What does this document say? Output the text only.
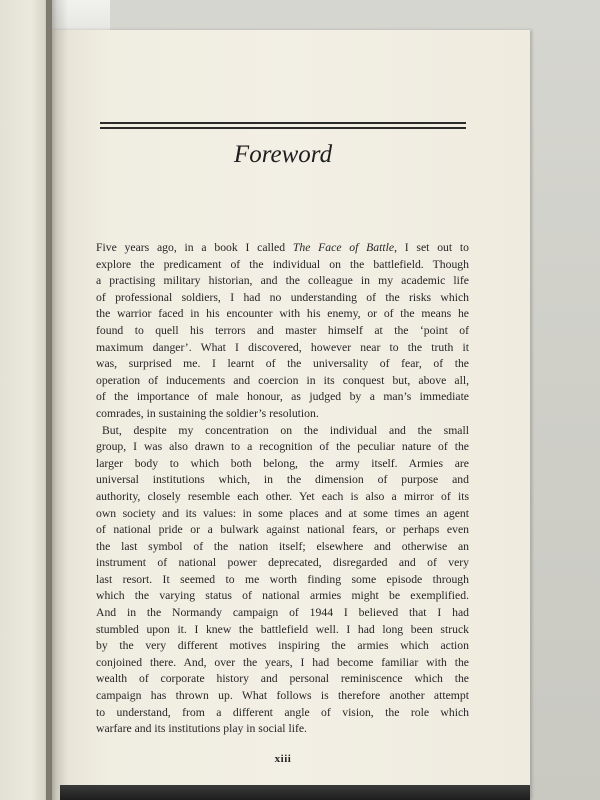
Foreword
Five years ago, in a book I called The Face of Battle, I set out to
explore the predicament of the individual on the battlefield. Though
a practising military historian, and the colleague in my academic life
of professional soldiers, I had no understanding of the risks which
the warrior faced in his encounter with his enemy, or of the means he
found to quell his terrors and master himself at the ‘point of
maximum danger’. What I discovered, however near to the truth it
was, surprised me. I learnt of the universality of fear, of the
operation of inducements and coercion in its conquest but, above all,
of the importance of male honour, as judged by a man’s immediate
comrades, in sustaining the soldier’s resolution.
But, despite my concentration on the individual and the small
group, I was also drawn to a recognition of the peculiar nature of the
larger body to which both belong, the army itself. Armies are
universal institutions which, in the dimension of purpose and
authority, closely resemble each other. Yet each is also a mirror of its
own society and its values: in some places and at some times an agent
of national pride or a bulwark against national fears, or perhaps even
the last symbol of the nation itself; elsewhere and otherwise an
instrument of national power deprecated, disregarded and of very
last resort. It seemed to me worth finding some episode through
which the varying status of national armies might be exemplified.
And in the Normandy campaign of 1944 I believed that I had
stumbled upon it. I knew the battlefield well. I had long been struck
by the very different motives inspiring the armies which action
conjoined there. And, over the years, I had become familiar with the
wealth of corporate history and personal reminiscence which the
campaign has thrown up. What follows is therefore another attempt
to understand, from a different angle of vision, the role which
warfare and its institutions play in social life.
xiii
